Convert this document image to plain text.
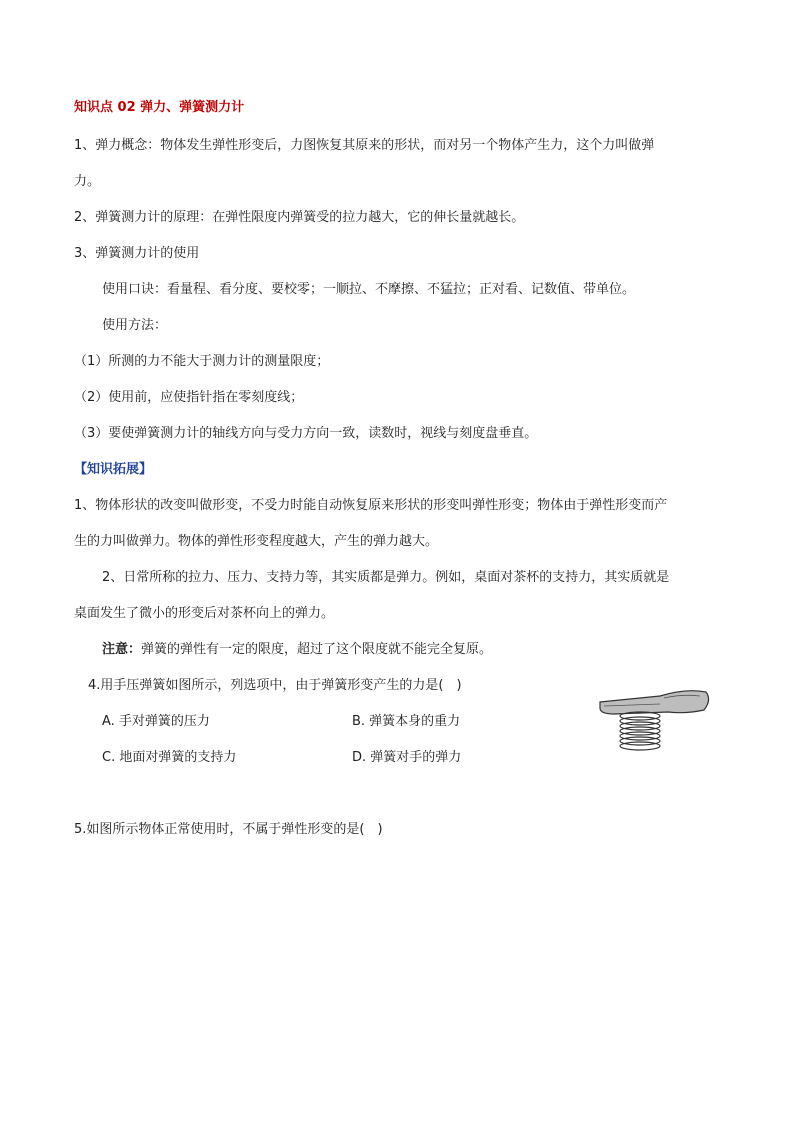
知识点 02 弹力、弹簧测力计
1、弹力概念：物体发生弹性形变后，力图恢复其原来的形状，而对另一个物体产生力，这个力叫做弹
力。
2、弹簧测力计的原理：在弹性限度内弹簧受的拉力越大，它的伸长量就越长。
3、弹簧测力计的使用
使用口诀：看量程、看分度、要校零；一顺拉、不摩擦、不猛拉；正对看、记数值、带单位。
使用方法：
（1）所测的力不能大于测力计的测量限度；
（2）使用前，应使指针指在零刻度线；
（3）要使弹簧测力计的轴线方向与受力方向一致，读数时，视线与刻度盘垂直。
【知识拓展】
1、物体形状的改变叫做形变，不受力时能自动恢复原来形状的形变叫弹性形变；物体由于弹性形变而产
生的力叫做弹力。物体的弹性形变程度越大，产生的弹力越大。
2、日常所称的拉力、压力、支持力等，其实质都是弹力。例如，桌面对茶杯的支持力，其实质就是
桌面发生了微小的形变后对茶杯向上的弹力。
注意：弹簧的弹性有一定的限度，超过了这个限度就不能完全复原。
4.用手压弹簧如图所示，列选项中，由于弹簧形变产生的力是(　)
A. 手对弹簧的压力	B. 弹簧本身的重力
C. 地面对弹簧的支持力	D. 弹簧对手的弹力
5.如图所示物体正常使用时，不属于弹性形变的是(　)
